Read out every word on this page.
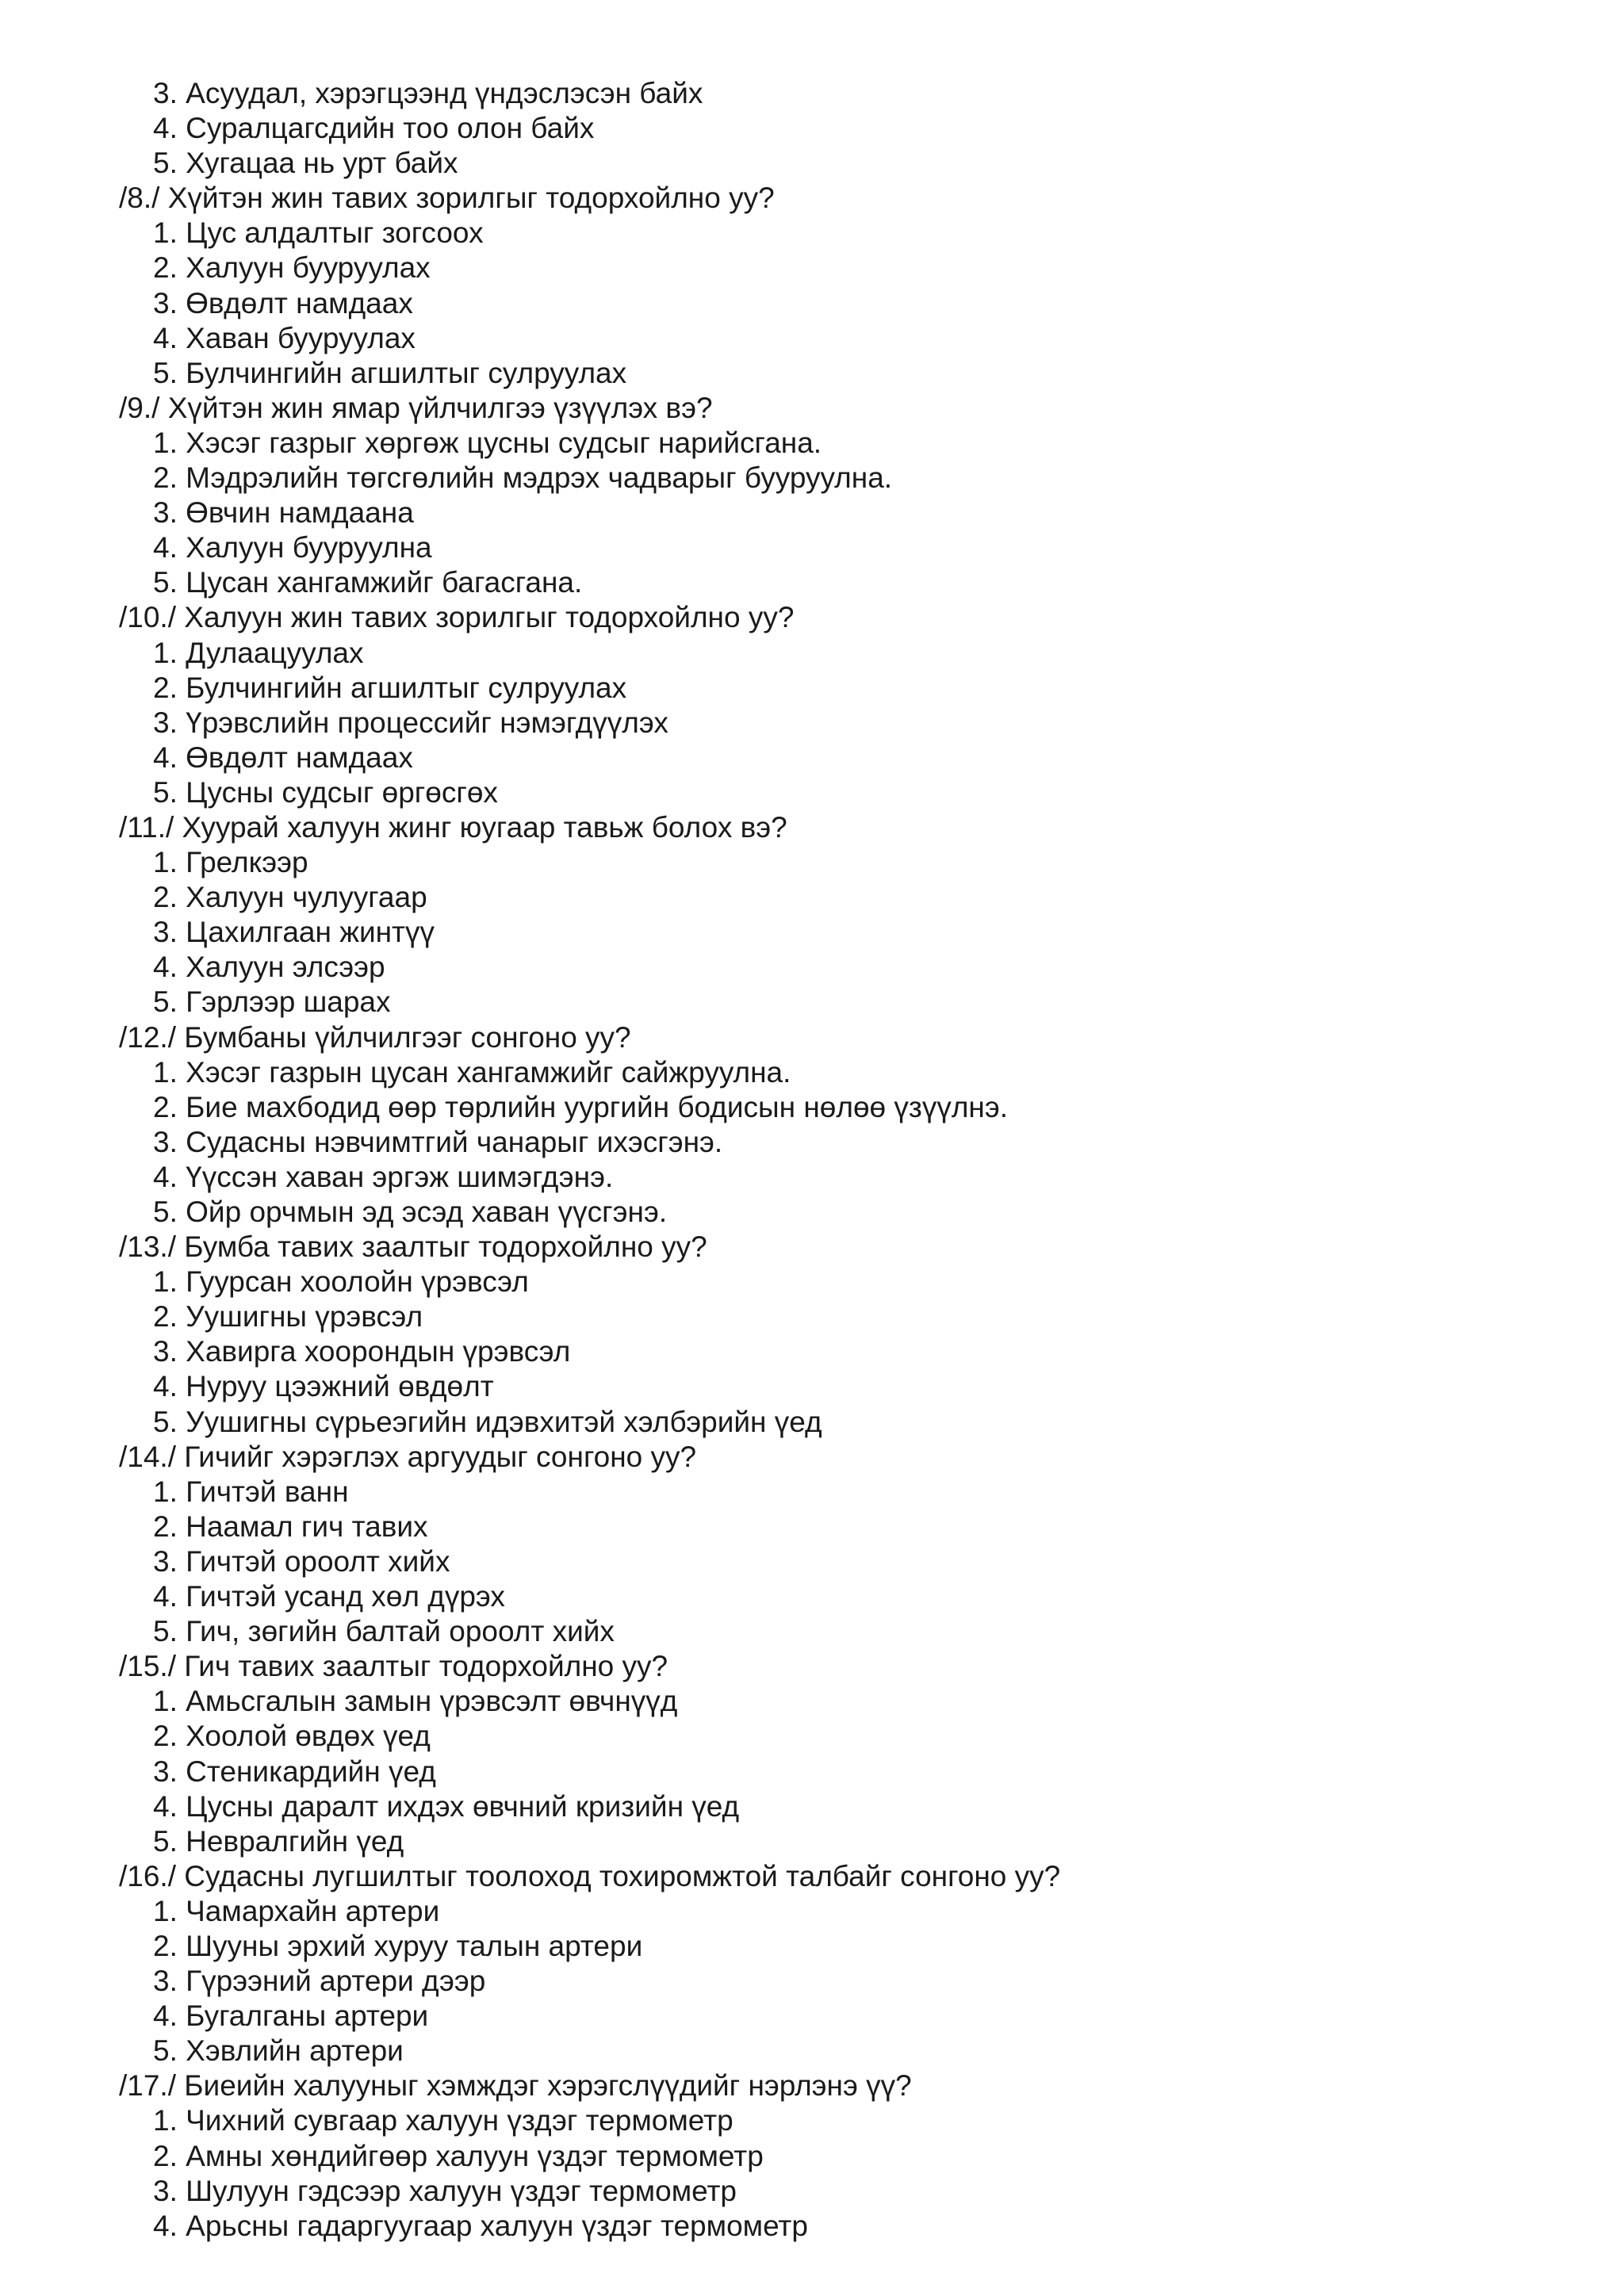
3. Асуудал, хэрэгцээнд үндэслэсэн байх
4. Суралцагсдийн тоо олон байх
5. Хугацаа нь урт байх
/8./ Хүйтэн жин тавих зорилгыг тодорхойлно уу?
1. Цус алдалтыг зогсоох
2. Халуун бууруулах
3. Өвдөлт намдаах
4. Хаван бууруулах
5. Булчингийн агшилтыг сулруулах
/9./ Хүйтэн жин ямар үйлчилгээ үзүүлэх вэ?
1. Хэсэг газрыг хөргөж цусны судсыг нарийсгана.
2. Мэдрэлийн төгсгөлийн мэдрэх чадварыг бууруулна.
3. Өвчин намдаана
4. Халуун бууруулна
5. Цусан хангамжийг багасгана.
/10./ Халуун жин тавих зорилгыг тодорхойлно уу?
1. Дулаацуулах
2. Булчингийн агшилтыг сулруулах
3. Үрэвслийн процессийг нэмэгдүүлэх
4. Өвдөлт намдаах
5. Цусны судсыг өргөсгөх
/11./ Хуурай халуун жинг юугаар тавьж болох вэ?
1. Грелкээр
2. Халуун чулуугаар
3. Цахилгаан жинтүү
4. Халуун элсээр
5. Гэрлээр шарах
/12./ Бумбаны үйлчилгээг сонгоно уу?
1. Хэсэг газрын цусан хангамжийг сайжруулна.
2. Бие махбодид өөр төрлийн уургийн бодисын нөлөө үзүүлнэ.
3. Судасны нэвчимтгий чанарыг ихэсгэнэ.
4. Үүссэн хаван эргэж шимэгдэнэ.
5. Ойр орчмын эд эсэд хаван үүсгэнэ.
/13./ Бумба тавих заалтыг тодорхойлно уу?
1. Гуурсан хоолойн үрэвсэл
2. Уушигны үрэвсэл
3. Хавирга хоорондын үрэвсэл
4. Нуруу цээжний өвдөлт
5. Уушигны сүрьеэгийн идэвхитэй хэлбэрийн үед
/14./ Гичийг хэрэглэх аргуудыг сонгоно уу?
1. Гичтэй ванн
2. Наамал гич тавих
3. Гичтэй ороолт хийх
4. Гичтэй усанд хөл дүрэх
5. Гич, зөгийн балтай ороолт хийх
/15./ Гич тавих заалтыг тодорхойлно уу?
1. Амьсгалын замын үрэвсэлт өвчнүүд
2. Хоолой өвдөх үед
3. Стеникардийн үед
4. Цусны даралт ихдэх өвчний кризийн үед
5. Невралгийн үед
/16./ Судасны лугшилтыг тоолоход тохиромжтой талбайг сонгоно уу?
1. Чамархайн артери
2. Шууны эрхий хуруу талын артери
3. Гүрээний артери дээр
4. Бугалганы артери
5. Хэвлийн артери
/17./ Биеийн халууныг хэмждэг хэрэгслүүдийг нэрлэнэ үү?
1. Чихний сувгаар халуун үздэг термометр
2. Амны хөндийгөөр халуун үздэг термометр
3. Шулуун гэдсээр халуун үздэг термометр
4. Арьсны гадаргуугаар халуун үздэг термометр
